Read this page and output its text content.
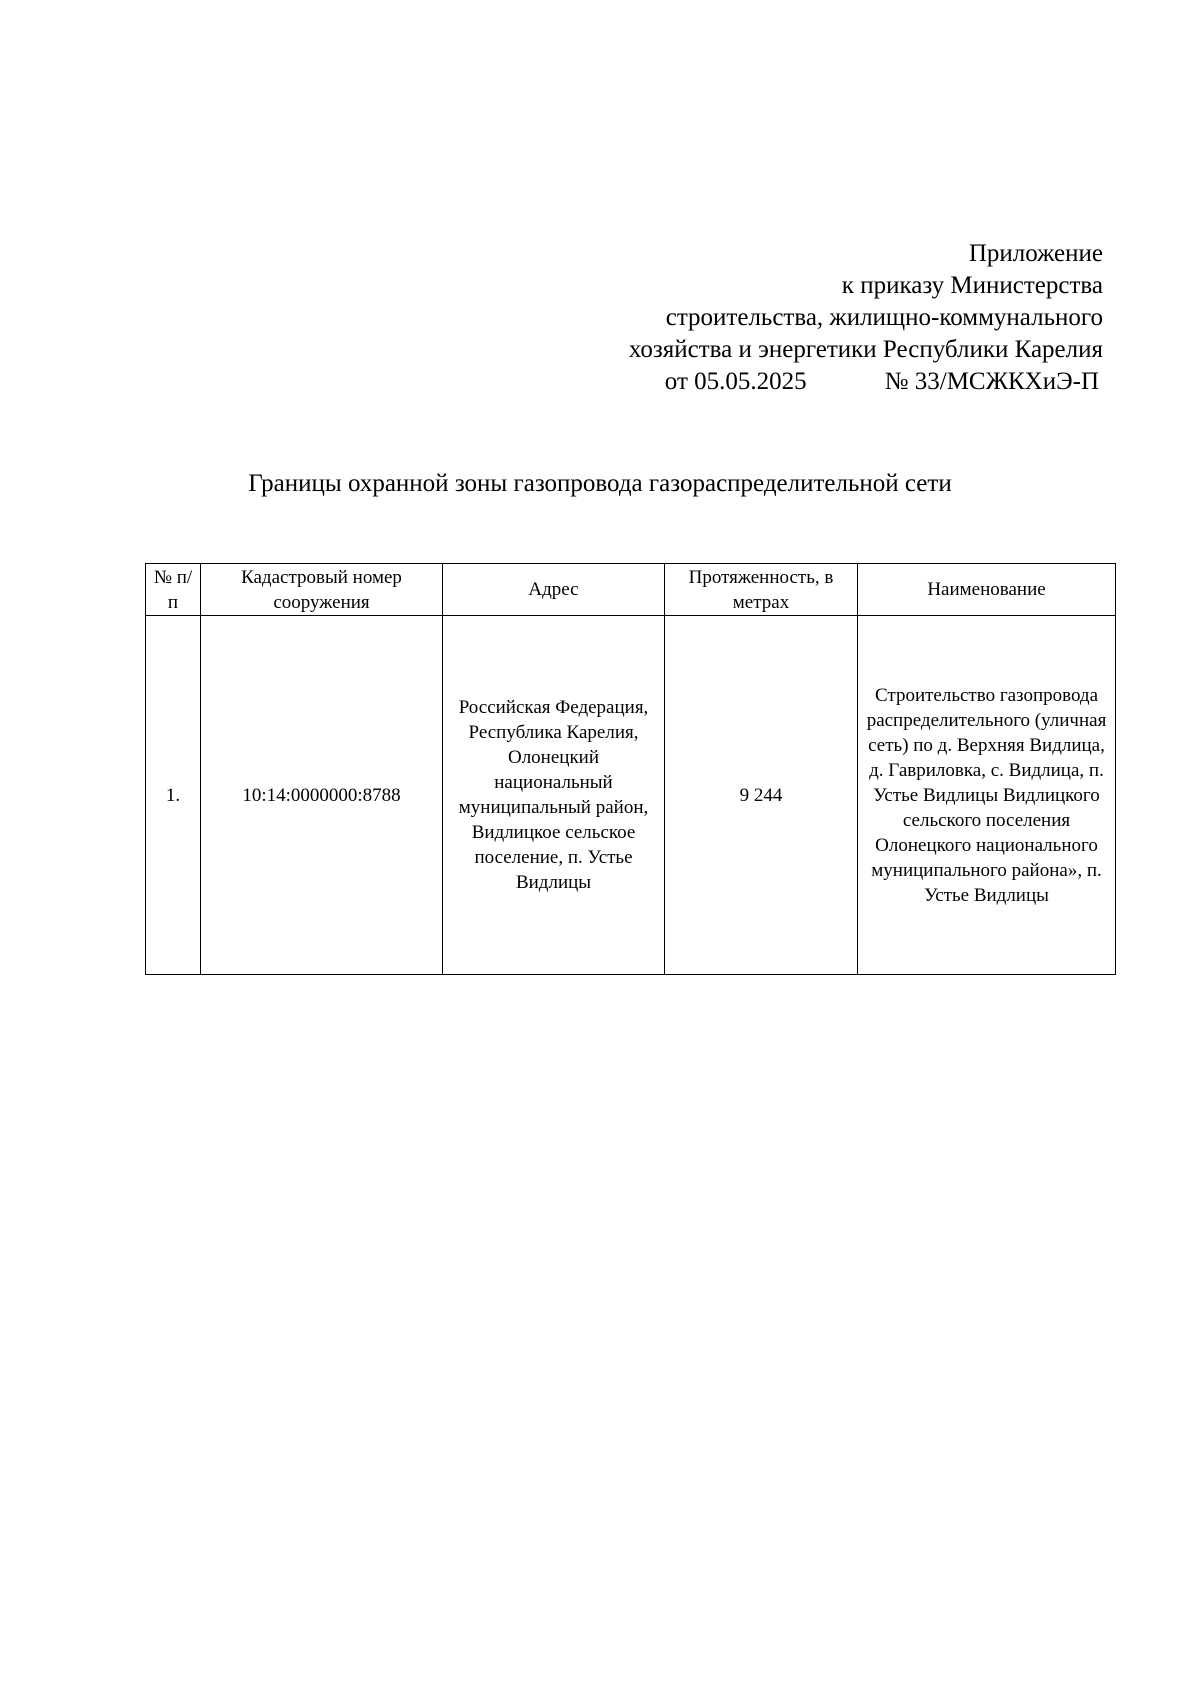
Приложение
к приказу Министерства
строительства, жилищно-коммунального
хозяйства и энергетики Республики Карелия
от 05.05.2025	№ 33/МСЖКХиЭ-П
Границы охранной зоны газопровода газораспределительной сети
№ п/п	Кадастровый номер сооружения	Адрес	Протяженность, в метрах	Наименование

1.	10:14:0000000:8788	Российская Федерация, Республика Карелия, Олонецкий национальный муниципальный район, Видлицкое сельское поселение, п. Устье Видлицы	9 244	Строительство газопровода распределительного (уличная сеть) по д. Верхняя Видлица, д. Гавриловка, с. Видлица, п. Устье Видлицы Видлицкого сельского поселения Олонецкого национального муниципального района», п. Устье Видлицы
